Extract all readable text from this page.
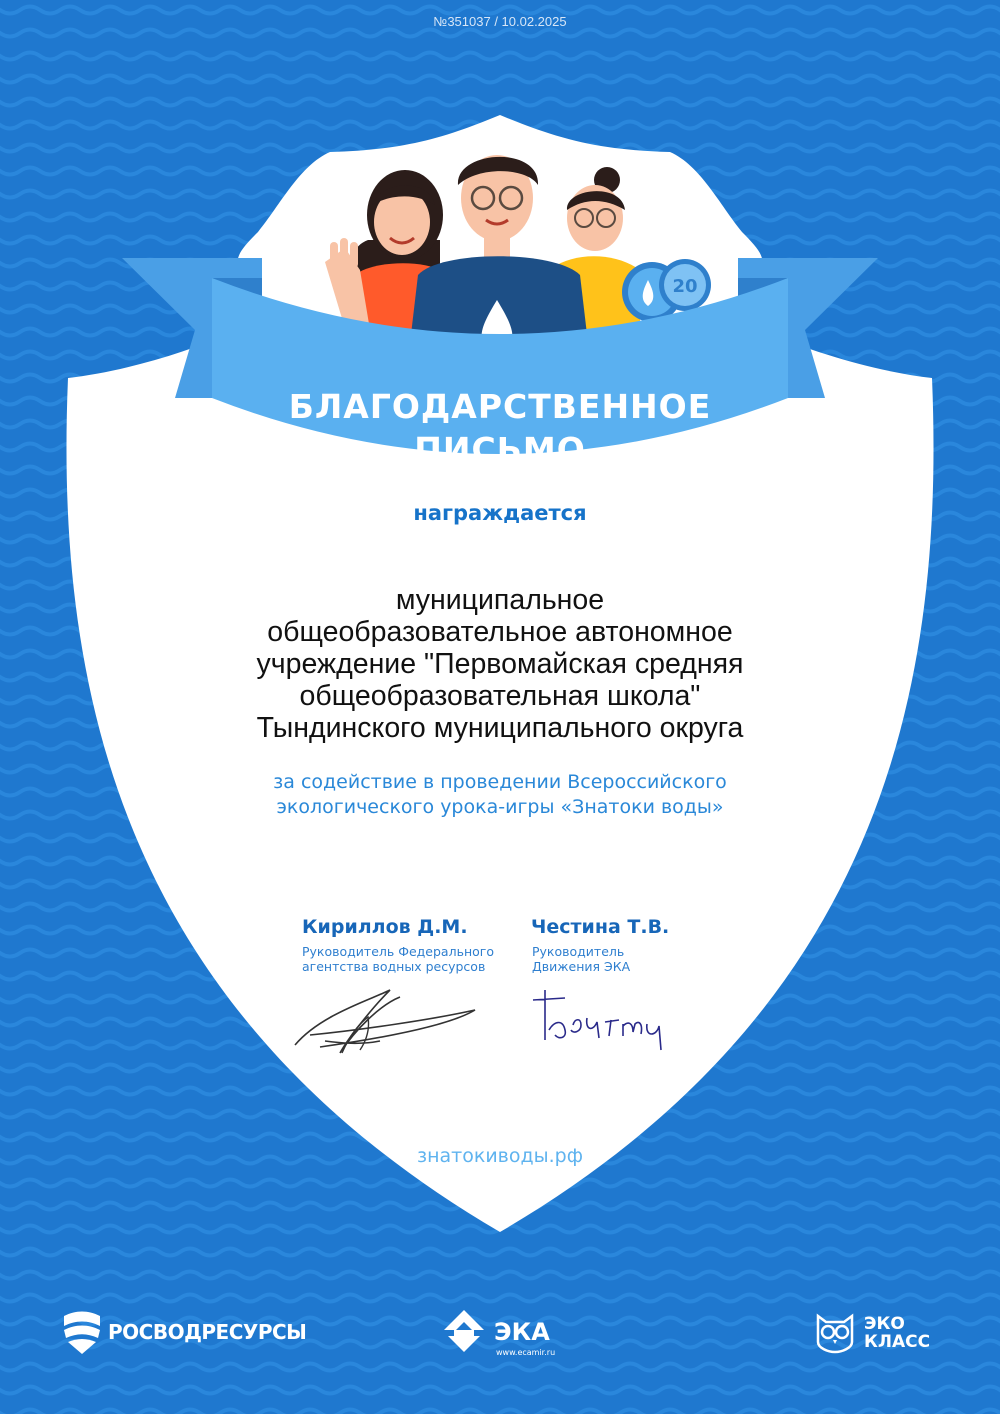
№351037 / 10.02.2025
20
БЛАГОДАРСТВЕННОЕ
ПИСЬМО
награждается
муниципальное
общеобразовательное автономное
учреждение "Первомайская средняя
общеобразовательная школа"
Тындинского муниципального округа
за содействие в проведении Всероссийского
экологического урока-игры «Знатоки воды»
Кириллов Д.М.
Руководитель Федерального
агентства водных ресурсов
Честина Т.В.
Руководитель
Движения ЭКА
знатокиводы.рф
РОСВОДРЕСУРСЫ	ЭКА
www.ecamir.ru
ЭКО
КЛАСС
